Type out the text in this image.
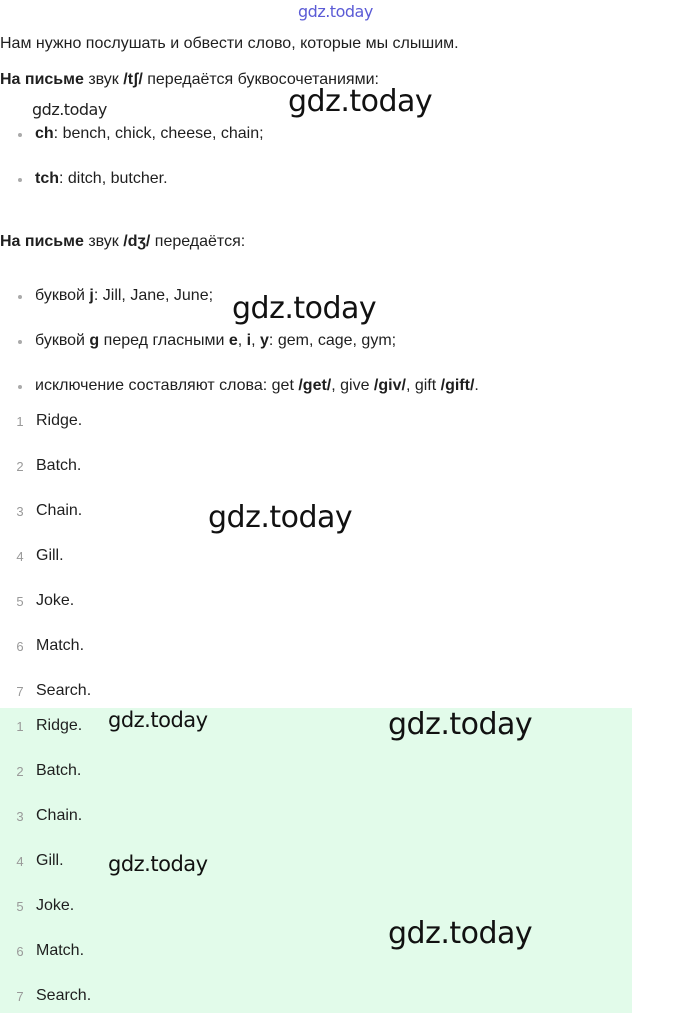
gdz.today
Нам нужно послушать и обвести слово, которые мы слышим.
На письме звук /tʃ/ передаётся буквосочетаниями:
ch: bench, chick, cheese, chain;
tch: ditch, butcher.
На письме звук /dʒ/ передаётся:
буквой j: Jill, Jane, June;
буквой g перед гласными e, i, y: gem, cage, gym;
исключение составляют слова: get /get/, give /giv/, gift /gift/.
1 Ridge.
2 Batch.
3 Chain.
4 Gill.
5 Joke.
6 Match.
7 Search.
1 Ridge.
2 Batch.
3 Chain.
4 Gill.
5 Joke.
6 Match.
7 Search.
gdz.today	gdz.today
gdz.today
gdz.today
gdz.today	gdz.today
gdz.today
gdz.today
